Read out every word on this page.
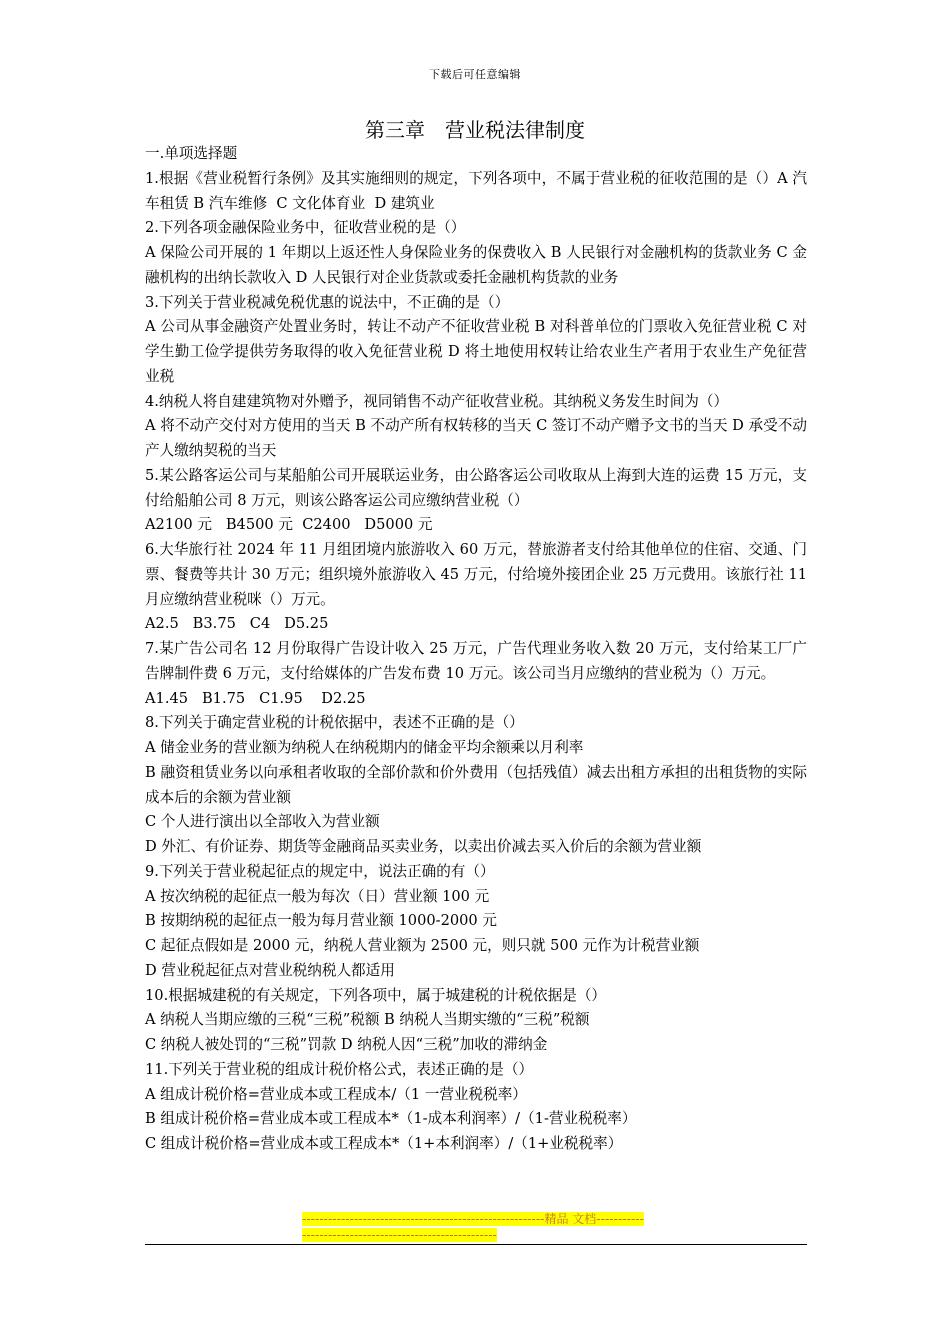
下载后可任意编辑
第三章　营业税法律制度
一.单项选择题
1.根据《营业税暂行条例》及其实施细则的规定，下列各项中，不属于营业税的征收范围的是（）A 汽车租赁 B 汽车维修  C 文化体育业  D 建筑业
2.下列各项金融保险业务中，征收营业税的是（）
A 保险公司开展的 1 年期以上返还性人身保险业务的保费收入 B 人民银行对金融机构的货款业务 C 金融机构的出纳长款收入 D 人民银行对企业货款或委托金融机构货款的业务
3.下列关于营业税减免税优惠的说法中，不正确的是（）
A 公司从事金融资产处置业务时，转让不动产不征收营业税 B 对科普单位的门票收入免征营业税 C 对学生勤工俭学提供劳务取得的收入免征营业税 D 将土地使用权转让给农业生产者用于农业生产免征营业税
4.纳税人将自建建筑物对外赠予，视同销售不动产征收营业税。其纳税义务发生时间为（）
A 将不动产交付对方使用的当天 B 不动产所有权转移的当天 C 签订不动产赠予文书的当天 D 承受不动产人缴纳契税的当天
5.某公路客运公司与某船舶公司开展联运业务，由公路客运公司收取从上海到大连的运费 15 万元，支付给船舶公司 8 万元，则该公路客运公司应缴纳营业税（）
A2100 元   B4500 元  C2400   D5000 元
6.大华旅行社 2024 年 11 月组团境内旅游收入 60 万元，替旅游者支付给其他单位的住宿、交通、门票、餐费等共计 30 万元；组织境外旅游收入 45 万元，付给境外接团企业 25 万元费用。该旅行社 11 月应缴纳营业税咪（）万元。
A2.5   B3.75   C4   D5.25
7.某广告公司名 12 月份取得广告设计收入 25 万元，广告代理业务收入数 20 万元，支付给某工厂广告牌制件费 6 万元，支付给媒体的广告发布费 10 万元。该公司当月应缴纳的营业税为（）万元。
A1.45   B1.75   C1.95    D2.25
8.下列关于确定营业税的计税依据中，表述不正确的是（）
A 储金业务的营业额为纳税人在纳税期内的储金平均余额乘以月利率
B 融资租赁业务以向承租者收取的全部价款和价外费用（包括残值）减去出租方承担的出租货物的实际成本后的余额为营业额
C 个人进行演出以全部收入为营业额
D 外汇、有价证券、期货等金融商品买卖业务，以卖出价减去买入价后的余额为营业额
9.下列关于营业税起征点的规定中，说法正确的有（）
A 按次纳税的起征点一般为每次（日）营业额 100 元
B 按期纳税的起征点一般为每月营业额 1000-2000 元
C 起征点假如是 2000 元，纳税人营业额为 2500 元，则只就 500 元作为计税营业额
D 营业税起征点对营业税纳税人都适用
10.根据城建税的有关规定，下列各项中，属于城建税的计税依据是（）
A 纳税人当期应缴的三税“三税”税额 B 纳税人当期实缴的“三税”税额
C 纳税人被处罚的“三税”罚款 D 纳税人因“三税”加收的滞纳金
11.下列关于营业税的组成计税价格公式，表述正确的是（）
A 组成计税价格=营业成本或工程成本/（1 一营业税税率）
B 组成计税价格=营业成本或工程成本*（1-成本利润率）/（1-营业税税率）
C 组成计税价格=营业成本或工程成本*（1+本利润率）/（1+业税税率）
--------------------------------------------------------精品 文档--------------------------------------------------------
